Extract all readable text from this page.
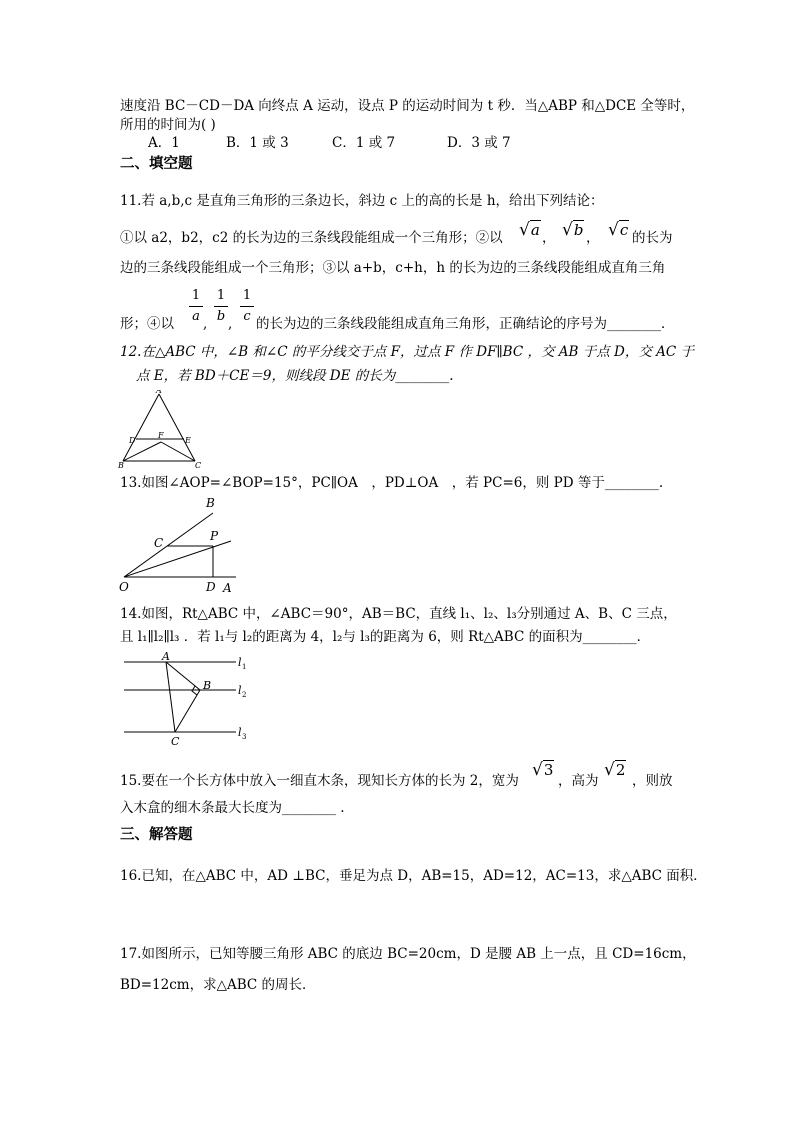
速度沿 BC－CD－DA 向终点 A 运动，设点 P 的运动时间为 t 秒．当△ABP 和△DCE 全等时，
所用的时间为( )
A．1	B．1 或 3	C．1 或 7	D．3 或 7
二、填空题
11.若 a,b,c 是直角三角形的三条边长，斜边 c 上的高的长是 h，给出下列结论：
①以 a2，b2，c2 的长为边的三条线段能组成一个三角形；②以 √a ， √b ， √c 的长为
边的三条线段能组成一个三角形；③以 a+b，c+h，h 的长为边的三条线段能组成直角三角
1
a ,
1
b ,
1
c
形；④以	的长为边的三条线段能组成直角三角形，正确结论的序号为________．
12.在△ABC 中，∠B 和∠C 的平分线交于点 F，过点 F 作 DF∥BC ，交 AB 于点 D，交 AC 于
点 E，若 BD＋CE＝9，则线段 DE 的长为________.
A
D	E
F
B	C
13.如图∠AOP=∠BOP=15°，PC∥OA　，PD⊥OA　，若 PC=6，则 PD 等于________.
O
B
C	P
D A
14.如图，Rt△ABC 中，∠ABC＝90°，AB＝BC，直线 l₁、l₂、l₃分别通过 A、B、C 三点，
且 l₁∥l₂∥l₃ ．若 l₁与 l₂的距离为 4，l₂与 l₃的距离为 6，则 Rt△ABC 的面积为________．
A
B
C
l
l
l
1
2
3
15.要在一个长方体中放入一细直木条，现知长方体的长为 2，宽为
√3
，高为
√2
，则放
入木盒的细木条最大长度为________ .
三、解答题
16.已知，在△ABC 中，AD ⊥BC，垂足为点 D，AB=15，AD=12，AC=13，求△ABC 面积．
17.如图所示，已知等腰三角形 ABC 的底边 BC=20cm，D 是腰 AB 上一点，且 CD=16cm，
BD=12cm，求△ABC 的周长．
